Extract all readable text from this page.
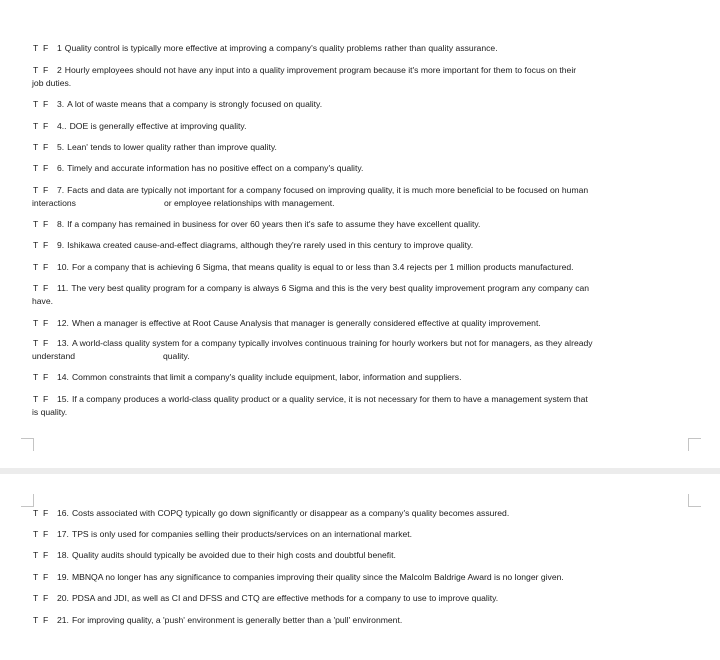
T F 1 Quality control is typically more effective at improving a company's quality problems rather than quality assurance.
T F 2 Hourly employees should not have any input into a quality improvement program because it's more important for them to focus on their
job duties.
T F 3. A lot of waste means that a company is strongly focused on quality.
T F 4.. DOE is generally effective at improving quality.
T F 5. Lean' tends to lower quality rather than improve quality.
T F 6. Timely and accurate information has no positive effect on a company's quality.
T F 7. Facts and data are typically not important for a company focused on improving quality, it is much more beneficial to be focused on human
interactions	or employee relationships with management.
T F 8. If a company has remained in business for over 60 years then it's safe to assume they have excellent quality.
T F 9. Ishikawa created cause-and-effect diagrams, although they're rarely used in this century to improve quality.
T F 10. For a company that is achieving 6 Sigma, that means quality is equal to or less than 3.4 rejects per 1 million products manufactured.
T F 11. The very best quality program for a company is always 6 Sigma and this is the very best quality improvement program any company can
have.
T F 12. When a manager is effective at Root Cause Analysis that manager is generally considered effective at quality improvement.
T F 13. A world-class quality system for a company typically involves continuous training for hourly workers but not for managers, as they already
understand	quality.
T F 14. Common constraints that limit a company's quality include equipment, labor, information and suppliers.
T F 15. If a company produces a world-class quality product or a quality service, it is not necessary for them to have a management system that
is quality.
T F 16. Costs associated with COPQ typically go down significantly or disappear as a company's quality becomes assured.
T F 17. TPS is only used for companies selling their products/services on an international market.
T F 18. Quality audits should typically be avoided due to their high costs and doubtful benefit.
T F 19. MBNQA no longer has any significance to companies improving their quality since the Malcolm Baldrige Award is no longer given.
T F 20. PDSA and JDI, as well as CI and DFSS and CTQ are effective methods for a company to use to improve quality.
T F 21. For improving quality, a 'push' environment is generally better than a 'pull' environment.
